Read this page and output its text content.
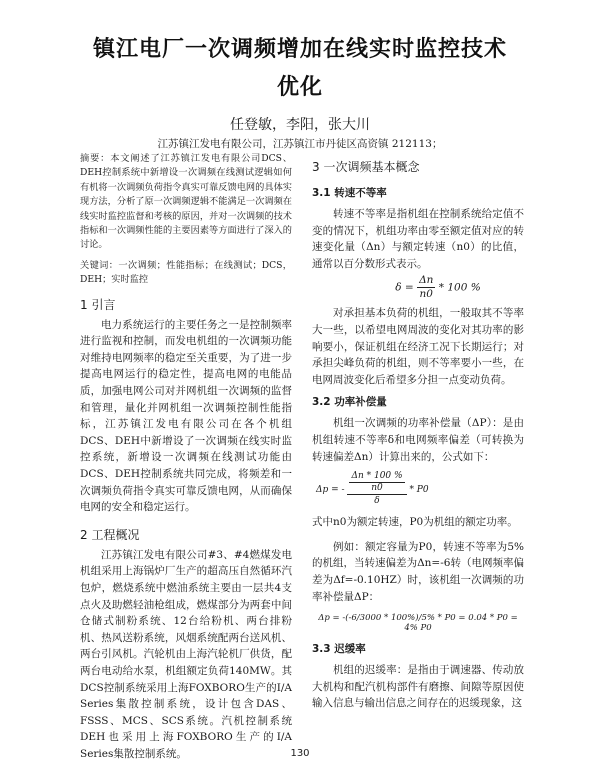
镇江电厂一次调频增加在线实时监控技术
优化
任登敏，李阳，张大川
江苏镇江发电有限公司，江苏镇江市丹徒区高资镇 212113；

摘要：本文阐述了江苏镇江发电有限公司DCS、DEH控制系统中新增设一次调频在线测试逻辑如何有机将一次调频负荷指令真实可靠反馈电网的具体实现方法，分析了原一次调频逻辑不能满足一次调频在线实时监控监督和考核的原因，并对一次调频的技术指标和一次调频性能的主要因素等方面进行了深入的讨论。

关键词：一次调频；性能指标；在线测试；DCS，DEH；实时监控

1 引言

电力系统运行的主要任务之一是控制频率进行监视和控制，而发电机组的一次调频功能对维持电网频率的稳定至关重要，为了进一步提高电网运行的稳定性，提高电网的电能品质，加强电网公司对并网机组一次调频的监督和管理，量化并网机组一次调频控制性能指标，江苏镇江发电有限公司在各个机组DCS、DEH中新增设了一次调频在线实时监控系统，新增设一次调频在线测试功能由DCS、DEH控制系统共同完成，将频差和一次调频负荷指令真实可靠反馈电网，从而确保电网的安全和稳定运行。

2 工程概况

江苏镇江发电有限公司#3、#4燃煤发电机组采用上海锅炉厂生产的超高压自然循环汽包炉，燃烧系统中燃油系统主要由一层共4支点火及助燃轻油枪组成，燃煤部分为两套中间仓储式制粉系统、12台给粉机、两台排粉机、热风送粉系统，风烟系统配两台送风机、两台引风机。汽轮机由上海汽轮机厂供货，配两台电动给水泵，机组额定负荷140MW。其DCS控制系统采用上海FOXBORO生产的I/A Series集散控制系统，设计包含DAS、FSSS、MCS、SCS系统。汽机控制系统DEH也采用上海FOXBORO生产的I/A Series集散控制系统。

3 一次调频基本概念
3.1 转速不等率

转速不等率是指机组在控制系统给定值不变的情况下，机组功率由零至额定值对应的转速变化量（Δn）与额定转速（n0）的比值，通常以百分数形式表示。

$\delta = \frac{\Delta n}{n0} * 100$ %

对承担基本负荷的机组，一般取其不等率大一些，以希望电网周波的变化对其功率的影响要小，保证机组在经济工况下长期运行；对承担尖峰负荷的机组，则不等率要小一些，在电网周波变化后希望多分担一点变动负荷。

3.2 功率补偿量

机组一次调频的功率补偿量（ΔP）：是由机组转速不等率δ和电网频率偏差（可转换为转速偏差Δn）计算出来的，公式如下：

Δp = - $\frac{\frac{\Delta n * 100 \%}{n0}}{\delta} * P0$

式中n0为额定转速，P0为机组的额定功率。

例如：额定容量为P0，转速不等率为5%的机组，当转速偏差为Δn=-6转（电网频率偏差为Δf=-0.10HZ）时，该机组一次调频的功率补偿量ΔP：

Δp = -(-6/3000 * 100%)/5% * P0 = 0.04 * P0 = 4% P0
3.3 迟缓率

机组的迟缓率：是指由于调速器、传动放大机构和配汽机构部件有磨擦、间隙等原因使输入信息与输出信息之间存在的迟缓现象，这

130
